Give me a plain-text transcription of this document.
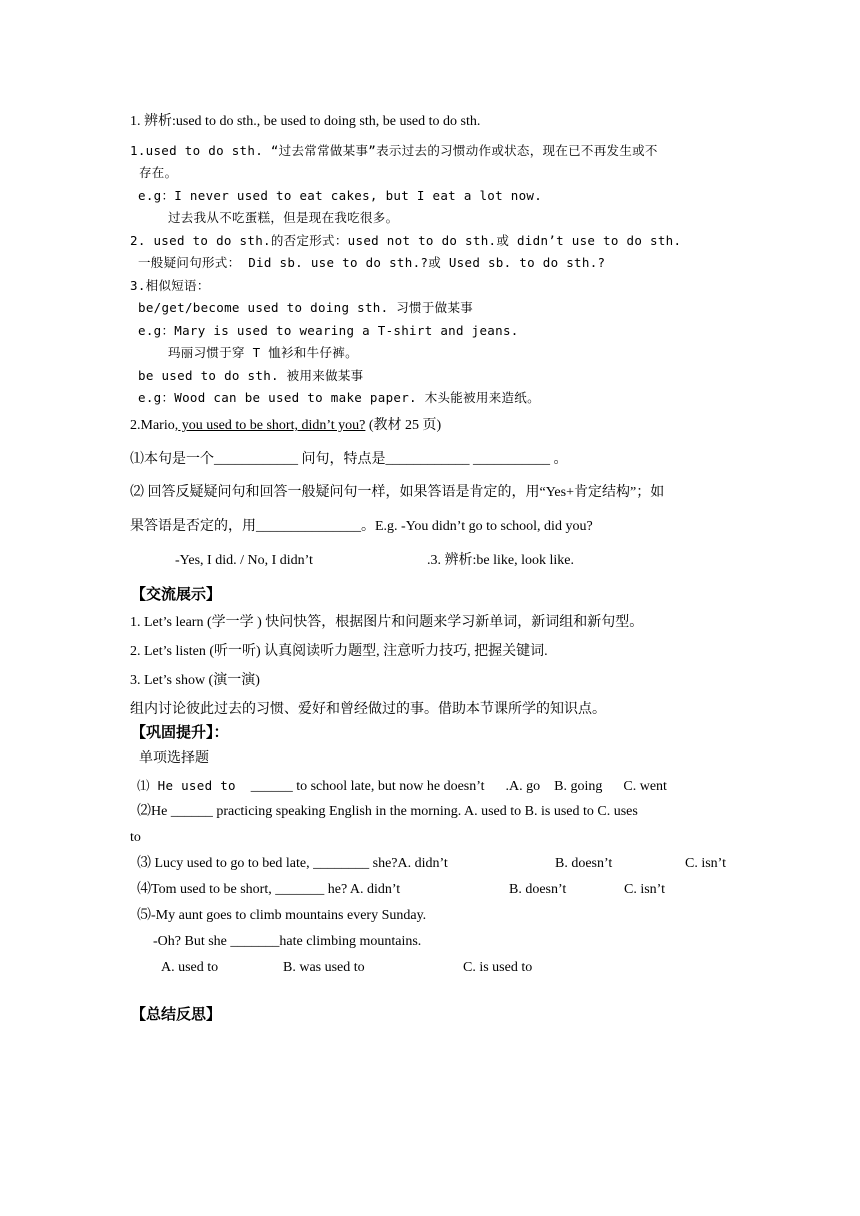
1. 辨析:used to do sth., be used to doing sth, be used to do sth.
1.used to do sth. “过去常常做某事”表示过去的习惯动作或状态，现在已不再发生或不
存在。
e.g：I never used to eat cakes, but I eat a lot now.
过去我从不吃蛋糕，但是现在我吃很多。
2. used to do sth.的否定形式：used not to do sth.或 didn’t use to do sth.
一般疑问句形式： Did sb. use to do sth.?或 Used sb. to do sth.?
3.相似短语：
be/get/become used to doing sth. 习惯于做某事
e.g：Mary is used to wearing a T-shirt and jeans.
玛丽习惯于穿 T 恤衫和牛仔裤。
be used to do sth. 被用来做某事
e.g：Wood can be used to make paper. 木头能被用来造纸。
2.Mario, you used to be short, didn’t you? (教材 25 页)
⑴本句是一个____________ 问句，特点是____________ ___________ 。
⑵ 回答反疑疑问句和回答一般疑问句一样，如果答语是肯定的，用“Yes+肯定结构”；如
果答语是否定的，用_______________。E.g. -You didn’t go to school, did you?
-Yes, I did. / No, I didn’t	.3. 辨析:be like, look like.
【交流展示】
1. Let’s learn (学一学 ) 快问快答，根据图片和问题来学习新单词，新词组和新句型。
2. Let’s listen (听一听) 认真阅读听力题型, 注意听力技巧, 把握关键词.
3. Let’s show (演一演)
组内讨论彼此过去的习惯、爱好和曾经做过的事。借助本节课所学的知识点。
【巩固提升】：
单项选择题
⑴ He used to   ______ to school late, but now he doesn’t      .A. go    B. going      C. went
⑵He ______ practicing speaking English in the morning. A. used to B. is used to C. uses
to
⑶ Lucy used to go to bed late, ________ she?A. didn’t	B. doesn’t	C. isn’t
⑷Tom used to be short, _______ he? A. didn’t	B. doesn’t	C. isn’t
⑸-My aunt goes to climb mountains every Sunday.
-Oh? But she _______hate climbing mountains.
A. used to	B. was used to	C. is used to
【总结反思】
